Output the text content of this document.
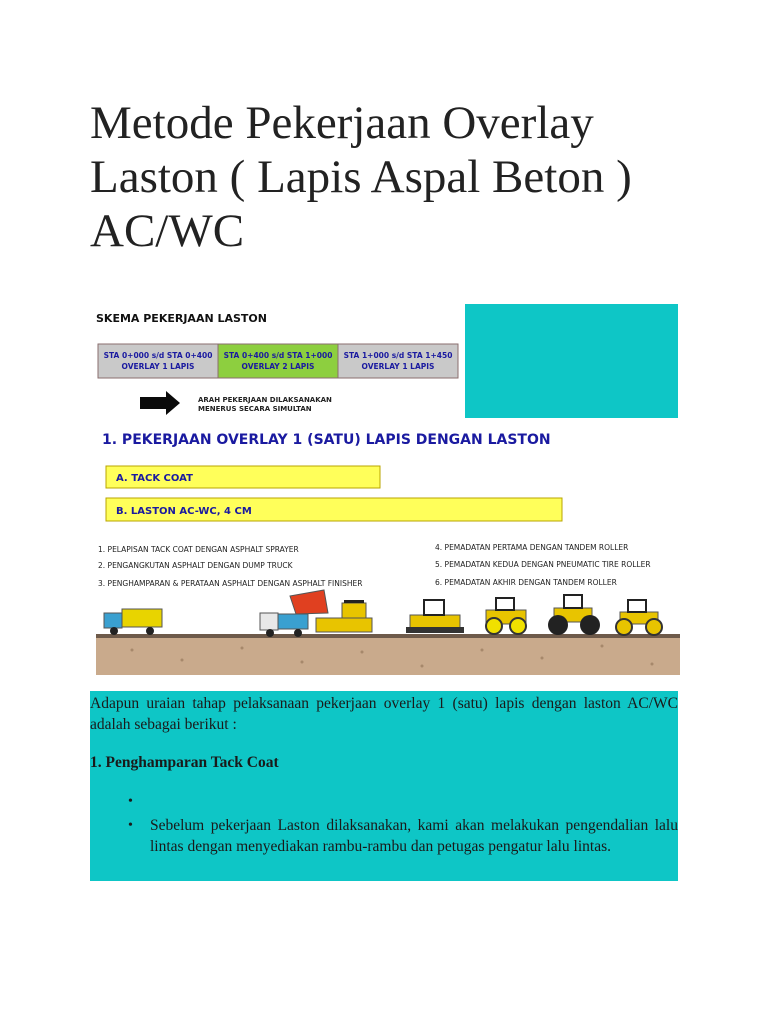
Metode Pekerjaan Overlay Laston ( Lapis Aspal Beton ) AC/WC
SKEMA PEKERJAAN LASTON
STA 0+000 s/d STA 0+400
OVERLAY 1 LAPIS
STA 0+400 s/d STA 1+000
OVERLAY 2 LAPIS
STA 1+000 s/d STA 1+450
OVERLAY 1 LAPIS
ARAH PEKERJAAN DILAKSANAKAN
MENERUS SECARA SIMULTAN
1. PEKERJAAN OVERLAY 1 (SATU) LAPIS DENGAN LASTON
A. TACK COAT
B. LASTON AC-WC, 4 CM
1. PELAPISAN TACK COAT DENGAN ASPHALT SPRAYER
2. PENGANGKUTAN ASPHALT DENGAN DUMP TRUCK
3. PENGHAMPARAN & PERATAAN ASPHALT DENGAN ASPHALT FINISHER
4. PEMADATAN PERTAMA DENGAN TANDEM ROLLER
5. PEMADATAN KEDUA DENGAN PNEUMATIC TIRE ROLLER
6. PEMADATAN AKHIR DENGAN TANDEM ROLLER

Adapun uraian tahap pelaksanaan pekerjaan overlay 1 (satu) lapis dengan laston AC/WC adalah sebagai berikut :

1. Penghamparan Tack Coat

•
• Sebelum pekerjaan Laston dilaksanakan, kami akan melakukan pengendalian lalu lintas dengan menyediakan rambu-rambu dan petugas pengatur lalu lintas.
